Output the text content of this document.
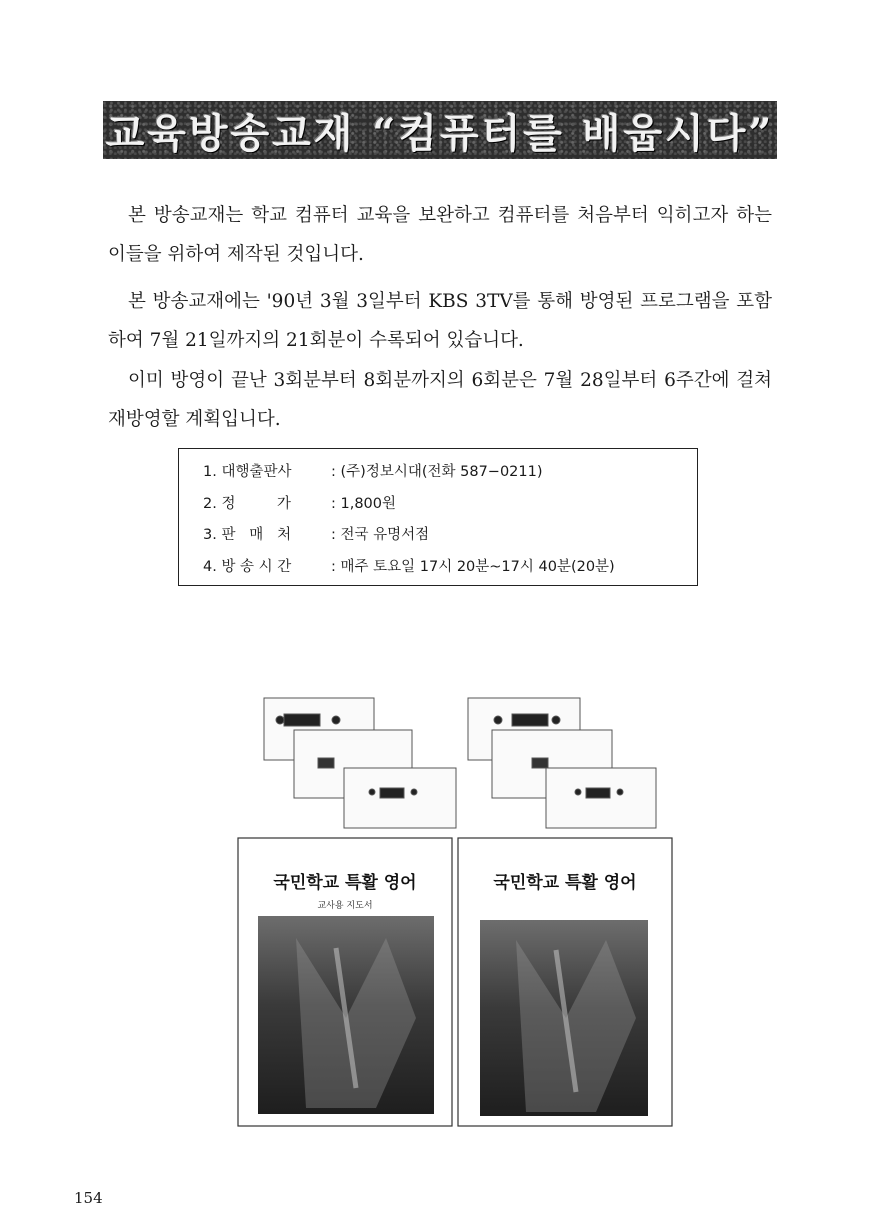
교육방송교재 “컴퓨터를 배웁시다”

본 방송교재는 학교 컴퓨터 교육을 보완하고 컴퓨터를 처음부터 익히고자 하는 이들을 위하여 제작된 것입니다.

본 방송교재에는 '90년 3월 3일부터 KBS 3TV를 통해 방영된 프로그램을 포함하여 7월 21일까지의 21회분이 수록되어 있습니다.

이미 방영이 끝난 3회분부터 8회분까지의 6회분은 7월 28일부터 6주간에 걸쳐 재방영할 계획입니다.

1. 대행출판사	: (주)정보시대(전화 587−0211)
2. 정         가	: 1,800원
3. 판   매   처	: 전국 유명서점
4. 방 송 시 간	: 매주 토요일 17시 20분~17시 40분(20분)
국민학교 특활 영어
교사용 지도서
국민학교 특활 영어
154
